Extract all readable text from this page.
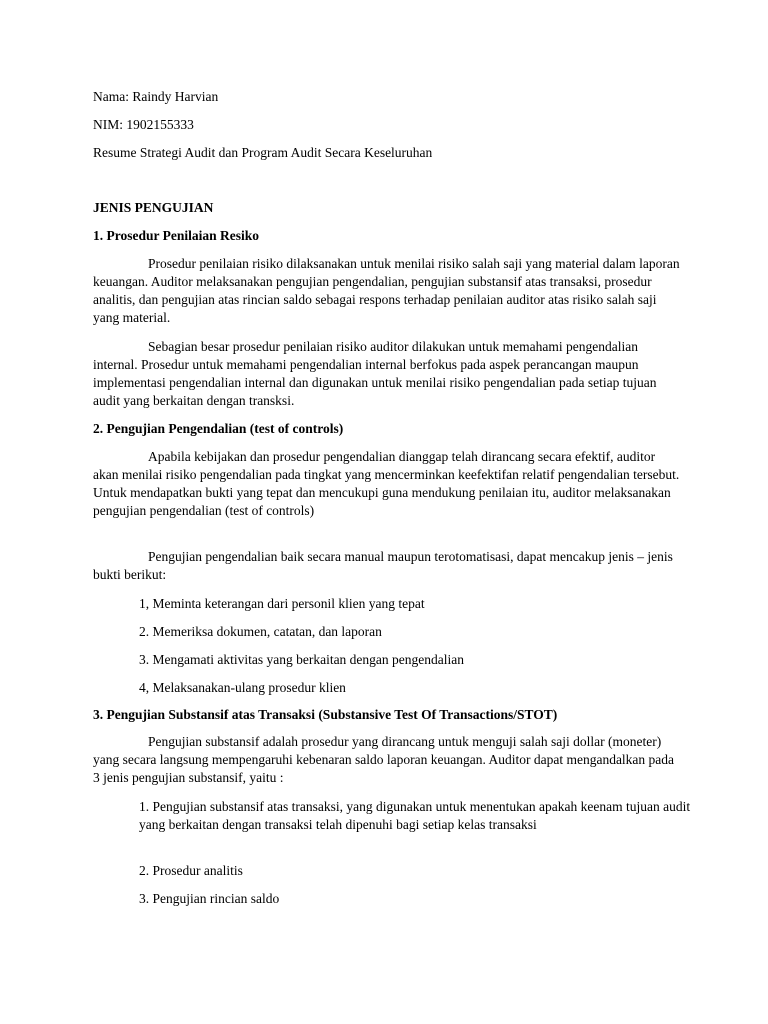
Nama: Raindy Harvian

NIM: 1902155333

Resume Strategi Audit dan Program Audit Secara Keseluruhan

JENIS PENGUJIAN

1. Prosedur Penilaian Resiko

Prosedur penilaian risiko dilaksanakan untuk menilai risiko salah saji yang material dalam laporan keuangan. Auditor melaksanakan pengujian pengendalian, pengujian substansif atas transaksi, prosedur analitis, dan pengujian atas rincian saldo sebagai respons terhadap penilaian auditor atas risiko salah saji yang material.

Sebagian besar prosedur penilaian risiko auditor dilakukan untuk memahami pengendalian internal. Prosedur untuk memahami pengendalian internal berfokus pada aspek perancangan maupun implementasi pengendalian internal dan digunakan untuk menilai risiko pengendalian pada setiap tujuan audit yang berkaitan dengan transksi.

2. Pengujian Pengendalian (test of controls)

Apabila kebijakan dan prosedur pengendalian dianggap telah dirancang secara efektif, auditor akan menilai risiko pengendalian pada tingkat yang mencerminkan keefektifan relatif pengendalian tersebut. Untuk mendapatkan bukti yang tepat dan mencukupi guna mendukung penilaian itu, auditor melaksanakan pengujian pengendalian (test of controls)

Pengujian pengendalian baik secara manual maupun terotomatisasi, dapat mencakup jenis – jenis bukti berikut:

1, Meminta keterangan dari personil klien yang tepat

2. Memeriksa dokumen, catatan, dan laporan

3. Mengamati aktivitas yang berkaitan dengan pengendalian

4, Melaksanakan-ulang prosedur klien

3. Pengujian Substansif atas Transaksi (Substansive Test Of Transactions/STOT)

Pengujian substansif adalah prosedur yang dirancang untuk menguji salah saji dollar (moneter) yang secara langsung mempengaruhi kebenaran saldo laporan keuangan. Auditor dapat mengandalkan pada 3 jenis pengujian substansif, yaitu :

1. Pengujian substansif atas transaksi, yang digunakan untuk menentukan apakah keenam tujuan audit yang berkaitan dengan transaksi telah dipenuhi bagi setiap kelas transaksi

2. Prosedur analitis

3. Pengujian rincian saldo
